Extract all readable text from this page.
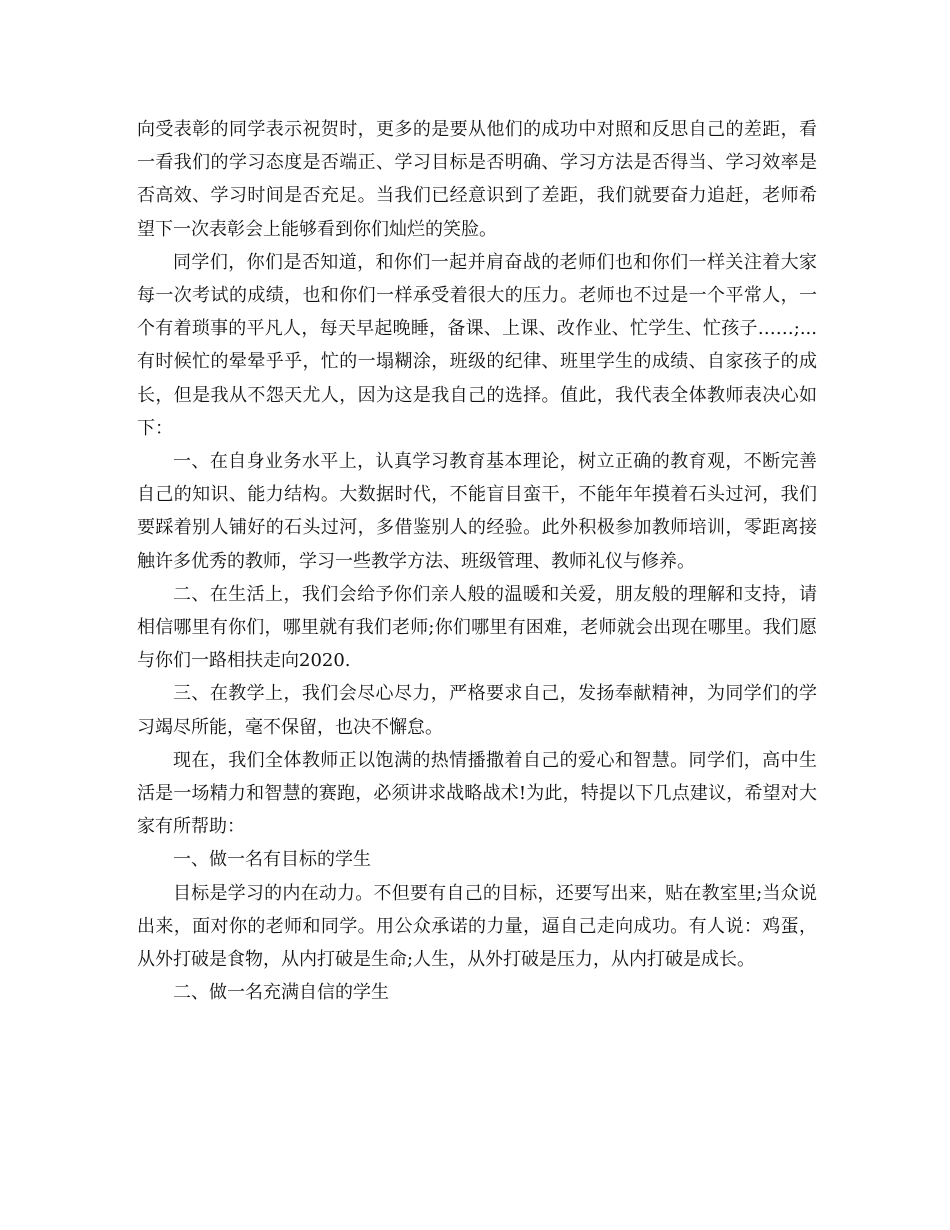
向受表彰的同学表示祝贺时，更多的是要从他们的成功中对照和反思自己的差距，看一看我们的学习态度是否端正、学习目标是否明确、学习方法是否得当、学习效率是否高效、学习时间是否充足。当我们已经意识到了差距，我们就要奋力追赶，老师希望下一次表彰会上能够看到你们灿烂的笑脸。

同学们，你们是否知道，和你们一起并肩奋战的老师们也和你们一样关注着大家每一次考试的成绩，也和你们一样承受着很大的压力。老师也不过是一个平常人，一个有着琐事的平凡人，每天早起晚睡，备课、上课、改作业、忙学生、忙孩子……;...有时候忙的晕晕乎乎，忙的一塌糊涂，班级的纪律、班里学生的成绩、自家孩子的成长，但是我从不怨天尤人，因为这是我自己的选择。值此，我代表全体教师表决心如下：

一、在自身业务水平上，认真学习教育基本理论，树立正确的教育观，不断完善自己的知识、能力结构。大数据时代，不能盲目蛮干，不能年年摸着石头过河，我们要踩着别人铺好的石头过河，多借鉴别人的经验。此外积极参加教师培训，零距离接触许多优秀的教师，学习一些教学方法、班级管理、教师礼仪与修养。

二、在生活上，我们会给予你们亲人般的温暖和关爱，朋友般的理解和支持，请相信哪里有你们，哪里就有我们老师;你们哪里有困难，老师就会出现在哪里。我们愿与你们一路相扶走向2020.

三、在教学上，我们会尽心尽力，严格要求自己，发扬奉献精神，为同学们的学习竭尽所能，毫不保留，也决不懈怠。

现在，我们全体教师正以饱满的热情播撒着自己的爱心和智慧。同学们，高中生活是一场精力和智慧的赛跑，必须讲求战略战术!为此，特提以下几点建议，希望对大家有所帮助：

一、做一名有目标的学生

目标是学习的内在动力。不但要有自己的目标，还要写出来，贴在教室里;当众说出来，面对你的老师和同学。用公众承诺的力量，逼自己走向成功。有人说：鸡蛋，从外打破是食物，从内打破是生命;人生，从外打破是压力，从内打破是成长。

二、做一名充满自信的学生
